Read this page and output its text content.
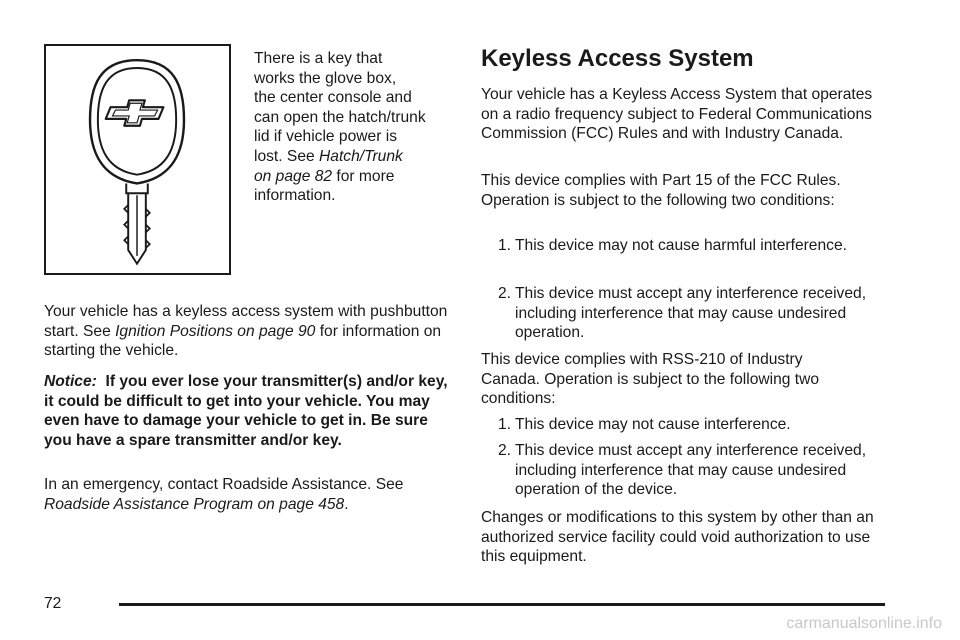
There is a key that
works the glove box,
the center console and
can open the hatch/trunk
lid if vehicle power is
lost. See Hatch/Trunk
on page 82 for more
information.
Your vehicle has a keyless access system with pushbutton start. See Ignition Positions on page 90 for information on starting the vehicle.
Notice: If you ever lose your transmitter(s) and/or key, it could be difficult to get into your vehicle. You may even have to damage your vehicle to get in. Be sure you have a spare transmitter and/or key.
In an emergency, contact Roadside Assistance. See Roadside Assistance Program on page 458.
Keyless Access System
Your vehicle has a Keyless Access System that operates on a radio frequency subject to Federal Communications Commission (FCC) Rules and with Industry Canada.
This device complies with Part 15 of the FCC Rules. Operation is subject to the following two conditions:
1. This device may not cause harmful interference.
2. This device must accept any interference received, including interference that may cause undesired operation.
This device complies with RSS-210 of Industry Canada. Operation is subject to the following two conditions:
1. This device may not cause interference.
2. This device must accept any interference received, including interference that may cause undesired operation of the device.
Changes or modifications to this system by other than an authorized service facility could void authorization to use this equipment.
72
carmanualsonline.info
